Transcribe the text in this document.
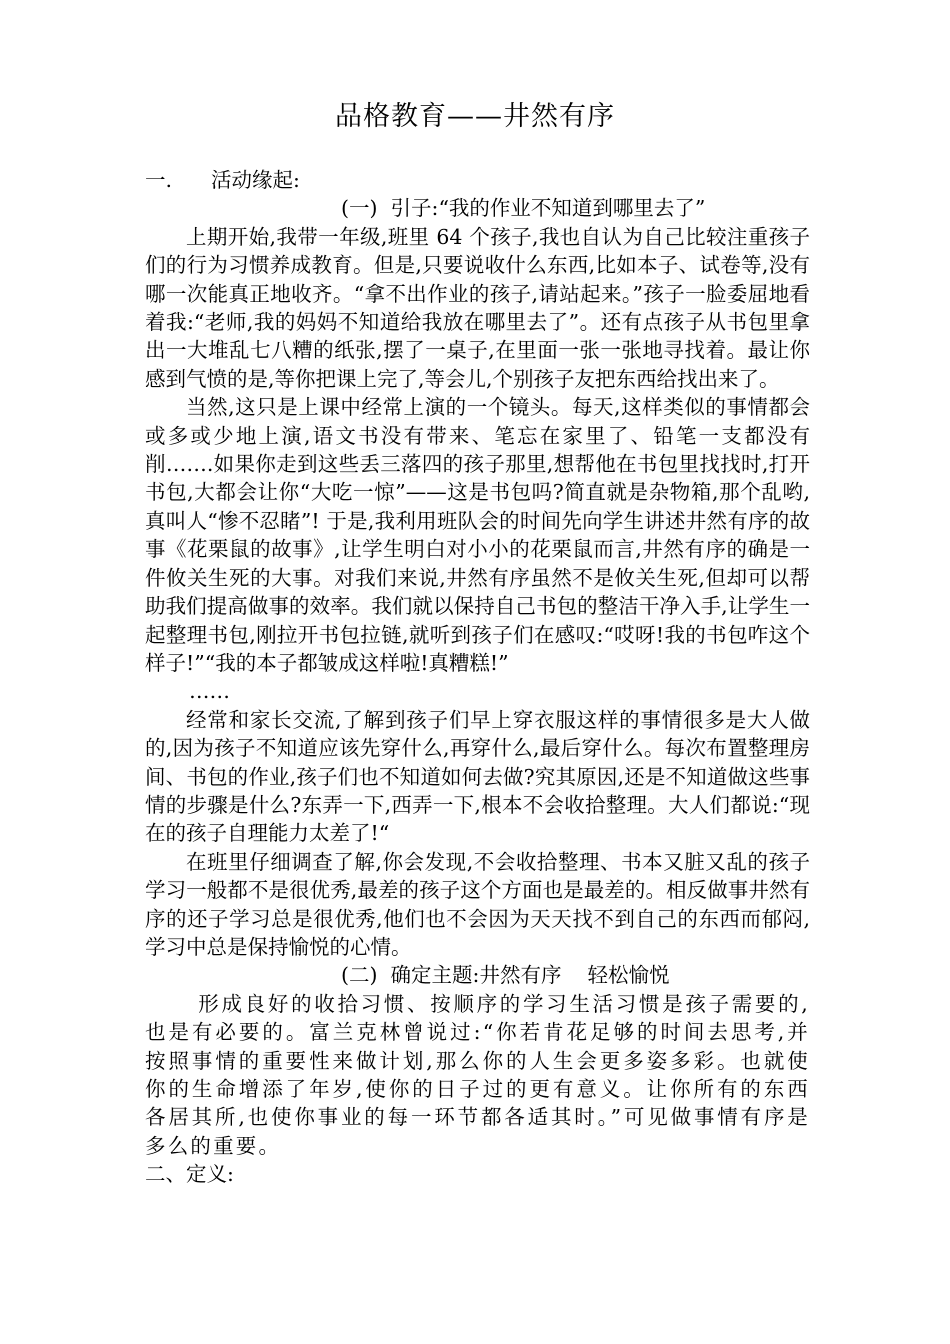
品格教育——井然有序

一. 活动缘起:

(一) 引子:“我的作业不知道到哪里去了”

上期开始,我带一年级,班里 64 个孩子,我也自认为自己比较注重孩子们的行为习惯养成教育。但是,只要说收什么东西,比如本子、试卷等,没有哪一次能真正地收齐。“拿不出作业的孩子,请站起来。”孩子一脸委屈地看着我:“老师,我的妈妈不知道给我放在哪里去了”。还有点孩子从书包里拿出一大堆乱七八糟的纸张,摆了一桌子,在里面一张一张地寻找着。最让你感到气愤的是,等你把课上完了,等会儿,个别孩子友把东西给找出来了。

当然,这只是上课中经常上演的一个镜头。每天,这样类似的事情都会或多或少地上演,语文书没有带来、笔忘在家里了、铅笔一支都没有削…….如果你走到这些丢三落四的孩子那里,想帮他在书包里找找时,打开书包,大都会让你“大吃一惊”——这是书包吗?简直就是杂物箱,那个乱哟,真叫人“惨不忍睹”! 于是,我利用班队会的时间先向学生讲述井然有序的故事《花栗鼠的故事》,让学生明白对小小的花栗鼠而言,井然有序的确是一件攸关生死的大事。对我们来说,井然有序虽然不是攸关生死,但却可以帮助我们提高做事的效率。我们就以保持自己书包的整洁干净入手,让学生一起整理书包,刚拉开书包拉链,就听到孩子们在感叹:“哎呀!我的书包咋这个样子!”“我的本子都皱成这样啦!真糟糕!”

……

经常和家长交流,了解到孩子们早上穿衣服这样的事情很多是大人做的,因为孩子不知道应该先穿什么,再穿什么,最后穿什么。每次布置整理房间、书包的作业,孩子们也不知道如何去做?究其原因,还是不知道做这些事情的步骤是什么?东弄一下,西弄一下,根本不会收拾整理。大人们都说:“现在的孩子自理能力太差了!“

在班里仔细调查了解,你会发现,不会收拾整理、书本又脏又乱的孩子学习一般都不是很优秀,最差的孩子这个方面也是最差的。相反做事井然有序的还子学习总是很优秀,他们也不会因为天天找不到自己的东西而郁闷,学习中总是保持愉悦的心情。

(二) 确定主题:井然有序    轻松愉悦

形成良好的收拾习惯、按顺序的学习生活习惯是孩子需要的,也是有必要的。富兰克林曾说过:“你若肯花足够的时间去思考,并按照事情的重要性来做计划,那么你的人生会更多姿多彩。也就使你的生命增添了年岁,使你的日子过的更有意义。让你所有的东西各居其所,也使你事业的每一环节都各适其时。”可见做事情有序是多么的重要。

二、定义:
